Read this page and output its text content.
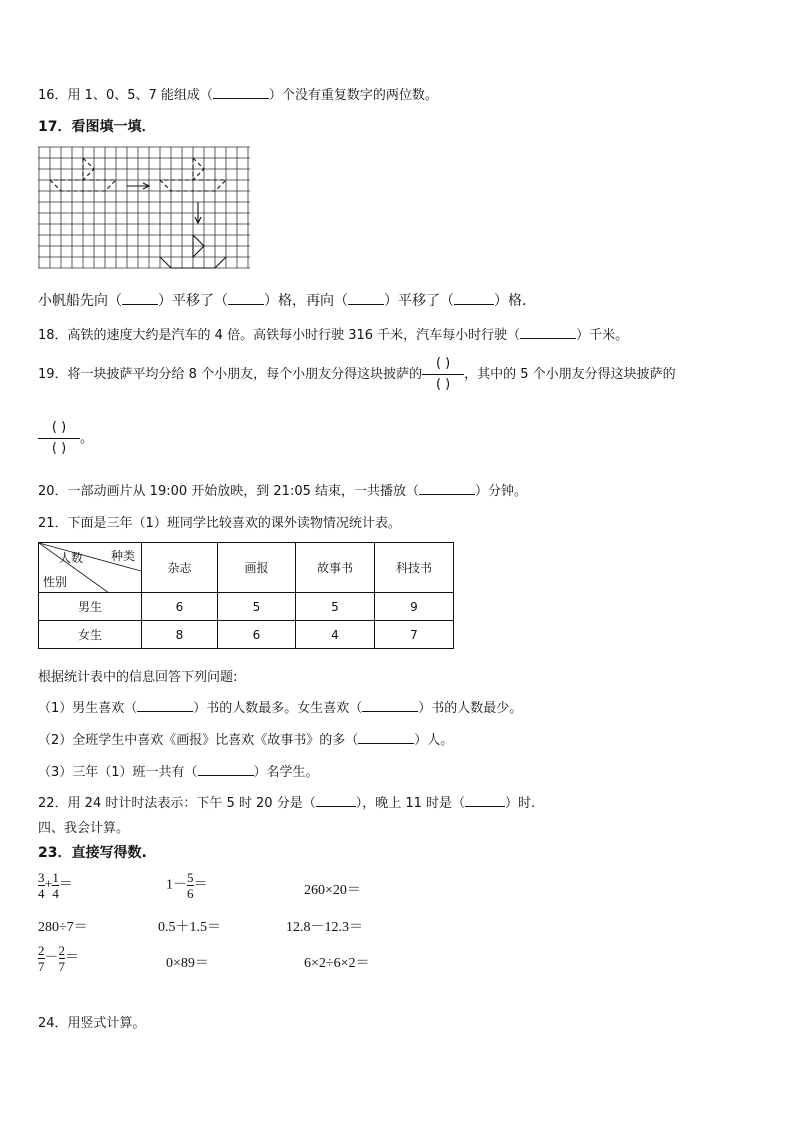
16．用 1、0、5、7 能组成（	）个没有重复数字的两位数。
17．看图填一填．
小帆船先向（	）平移了（	）格，再向（	）平移了（	）格．
18．高铁的速度大约是汽车的 4 倍。高铁每小时行驶 316 千米，汽车每小时行驶（	）千米。
19．将一块披萨平均分给 8 个小朋友，每个小朋友分得这块披萨的
( )
( )
，其中的 5 个小朋友分得这块披萨的
( )
( )
。
20．一部动画片从 19:00 开始放映，到 21:05 结束，一共播放（	）分钟。
21．下面是三年（1）班同学比较喜欢的课外读物情况统计表。
人数 种类
性别	杂志	画报	故事书	科技书
男生	6	5	5	9
女生	8	6	4	7
根据统计表中的信息回答下列问题:
（1）男生喜欢（	）书的人数最多。女生喜欢（	）书的人数最少。
（2）全班学生中喜欢《画报》比喜欢《故事书》的多（	）人。
（3）三年（1）班一共有（	）名学生。
22．用 24 时计时法表示：下午 5 时 20 分是（	），晚上 11 时是（	）时.
四、我会计算。
23．直接写得数.
$\frac{3}{4} + \frac{1}{4}$ ＝	$1- \frac{5}{6}$ ＝	260×20＝
280÷7＝	0.5＋1.5＝	12.8－12.3＝
$\frac{2}{7} - \frac{2}{7}$ ＝	0×89＝	6×2÷6×2＝
24．用竖式计算。
